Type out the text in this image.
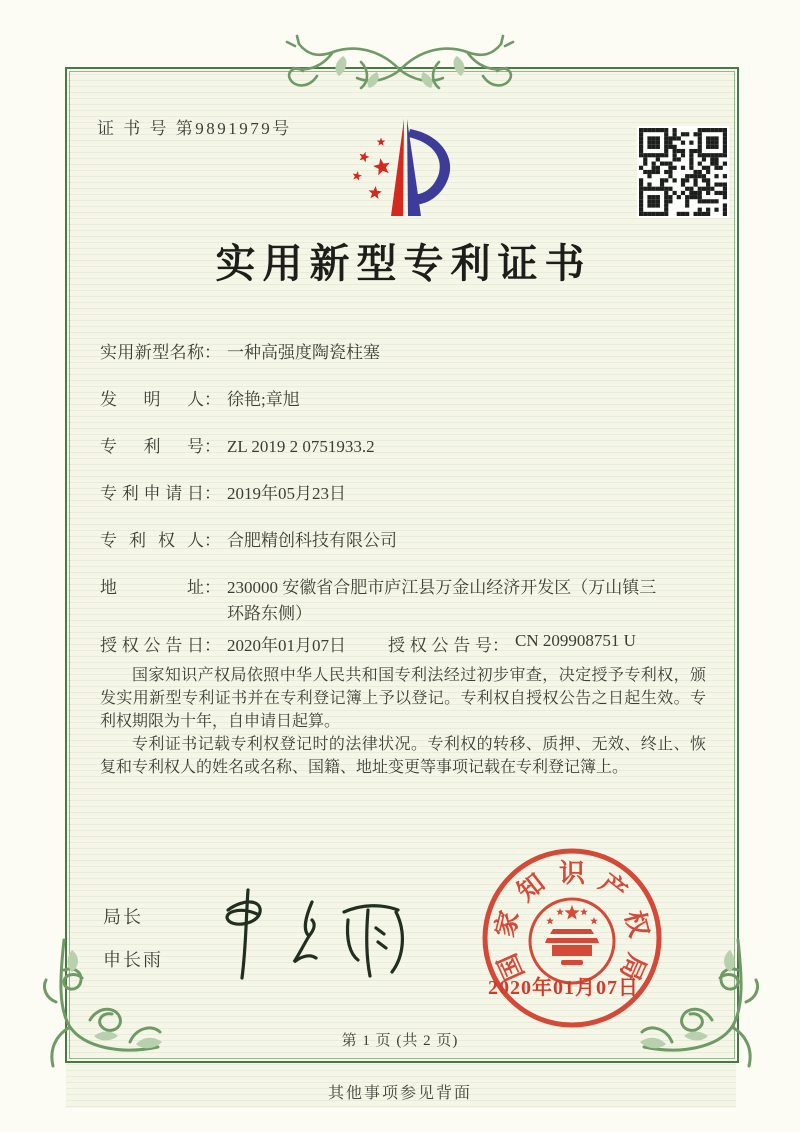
证 书 号 第9891979号
实用新型专利证书
实用新型名称 ： 一种高强度陶瓷柱塞
发明人 ： 徐艳;章旭
专利号 ： ZL 2019 2 0751933.2
专利申请日 ： 2019年05月23日
专利权人 ： 合肥精创科技有限公司
地址 ： 230000 安徽省合肥市庐江县万金山经济开发区（万山镇三环路东侧）
授权公告日 ： 2020年01月07日 授权公告号 ： CN 209908751 U

国家知识产权局依照中华人民共和国专利法经过初步审查，决定授予专利权，颁发实用新型专利证书并在专利登记簿上予以登记。专利权自授权公告之日起生效。专利权期限为十年，自申请日起算。

专利证书记载专利权登记时的法律状况。专利权的转移、质押、无效、终止、恢复和专利权人的姓名或名称、国籍、地址变更等事项记载在专利登记簿上。

局长
申长雨	国
家
知 识 产
权
局
2020年01月07日
第 1 页 (共 2 页)
其他事项参见背面
